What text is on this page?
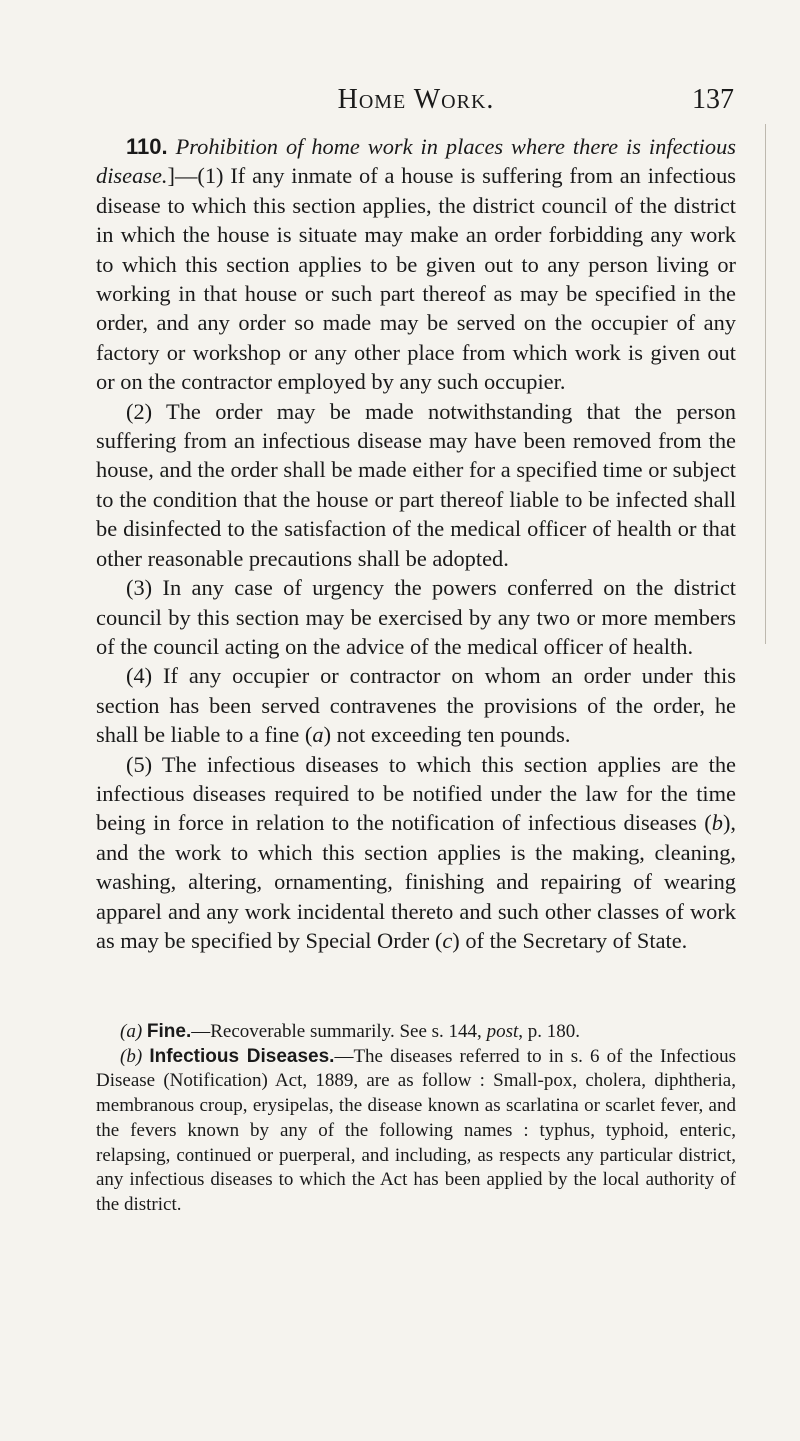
Home Work.	137

110. Prohibition of home work in places where there is infectious disease.]—(1) If any inmate of a house is suffering from an infectious disease to which this section applies, the district council of the district in which the house is situate may make an order forbidding any work to which this section applies to be given out to any person living or working in that house or such part thereof as may be specified in the order, and any order so made may be served on the occupier of any factory or workshop or any other place from which work is given out or on the contractor employed by any such occupier.

(2) The order may be made notwithstanding that the person suffering from an infectious disease may have been removed from the house, and the order shall be made either for a specified time or subject to the condition that the house or part thereof liable to be infected shall be disinfected to the satisfaction of the medical officer of health or that other reasonable precautions shall be adopted.

(3) In any case of urgency the powers conferred on the district council by this section may be exercised by any two or more members of the council acting on the advice of the medical officer of health.

(4) If any occupier or contractor on whom an order under this section has been served contravenes the provisions of the order, he shall be liable to a fine (a) not exceeding ten pounds.

(5) The infectious diseases to which this section applies are the infectious diseases required to be notified under the law for the time being in force in relation to the notification of infectious diseases (b), and the work to which this section applies is the making, cleaning, washing, altering, ornamenting, finishing and repairing of wearing apparel and any work incidental thereto and such other classes of work as may be specified by Special Order (c) of the Secretary of State.

(a) Fine.—Recoverable summarily. See s. 144, post, p. 180.

(b) Infectious Diseases.—The diseases referred to in s. 6 of the Infectious Disease (Notification) Act, 1889, are as follow : Small-pox, cholera, diphtheria, membranous croup, erysipelas, the disease known as scarlatina or scarlet fever, and the fevers known by any of the following names : typhus, typhoid, enteric, relapsing, continued or puerperal, and including, as respects any particular district, any infectious diseases to which the Act has been applied by the local authority of the district.
